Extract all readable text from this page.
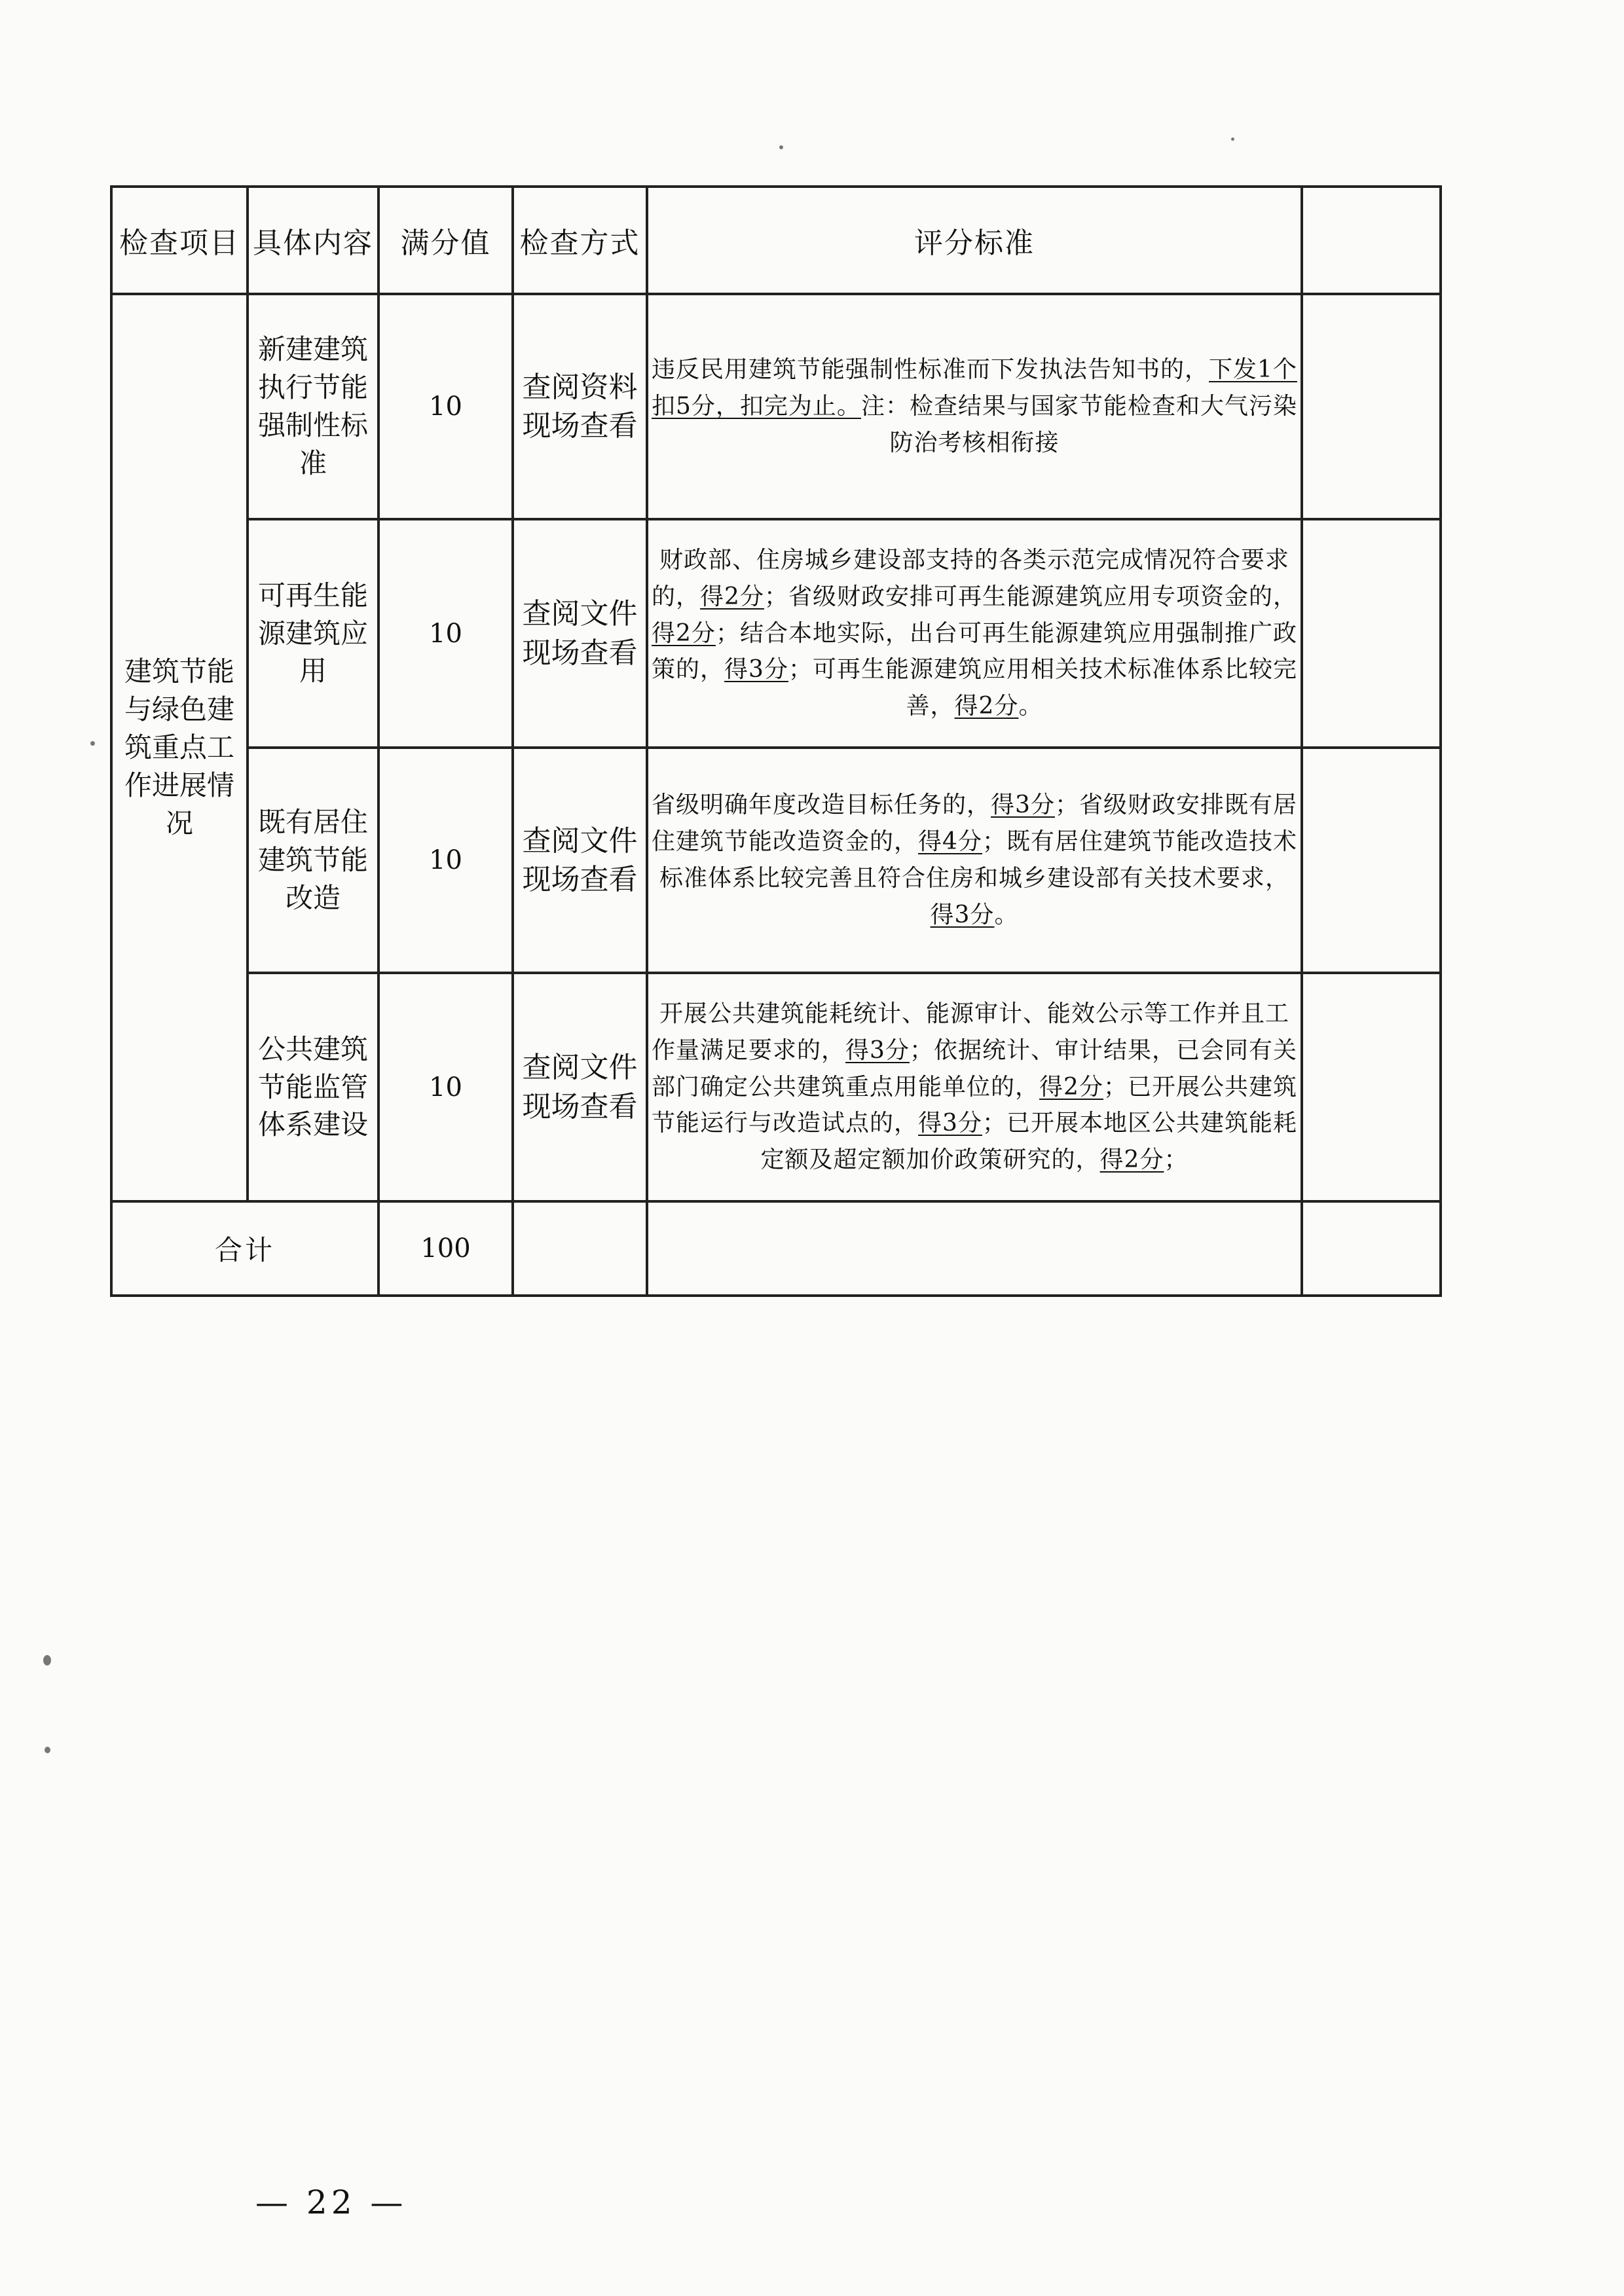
检查项目	具体内容	满分值	检查方式	评分标准	
建筑节能与绿色建筑重点工作进展情况	新建建筑执行节能强制性标准	10	查阅资料现场查看	违反民用建筑节能强制性标准而下发执法告知书的，下发1个扣5分，扣完为止。注：检查结果与国家节能检查和大气污染防治考核相衔接	
	可再生能源建筑应用	10	查阅文件现场查看	财政部、住房城乡建设部支持的各类示范完成情况符合要求的，得2分；省级财政安排可再生能源建筑应用专项资金的，得2分；结合本地实际，出台可再生能源建筑应用强制推广政策的，得3分；可再生能源建筑应用相关技术标准体系比较完善，得2分。	
	既有居住建筑节能改造	10	查阅文件现场查看	省级明确年度改造目标任务的，得3分；省级财政安排既有居住建筑节能改造资金的，得4分；既有居住建筑节能改造技术标准体系比较完善且符合住房和城乡建设部有关技术要求，得3分。	
	公共建筑节能监管体系建设	10	查阅文件现场查看	开展公共建筑能耗统计、能源审计、能效公示等工作并且工作量满足要求的，得3分；依据统计、审计结果，已会同有关部门确定公共建筑重点用能单位的，得2分；已开展公共建筑节能运行与改造试点的，得3分；已开展本地区公共建筑能耗定额及超定额加价政策研究的，得2分；	
合计		100			
— 22 —
